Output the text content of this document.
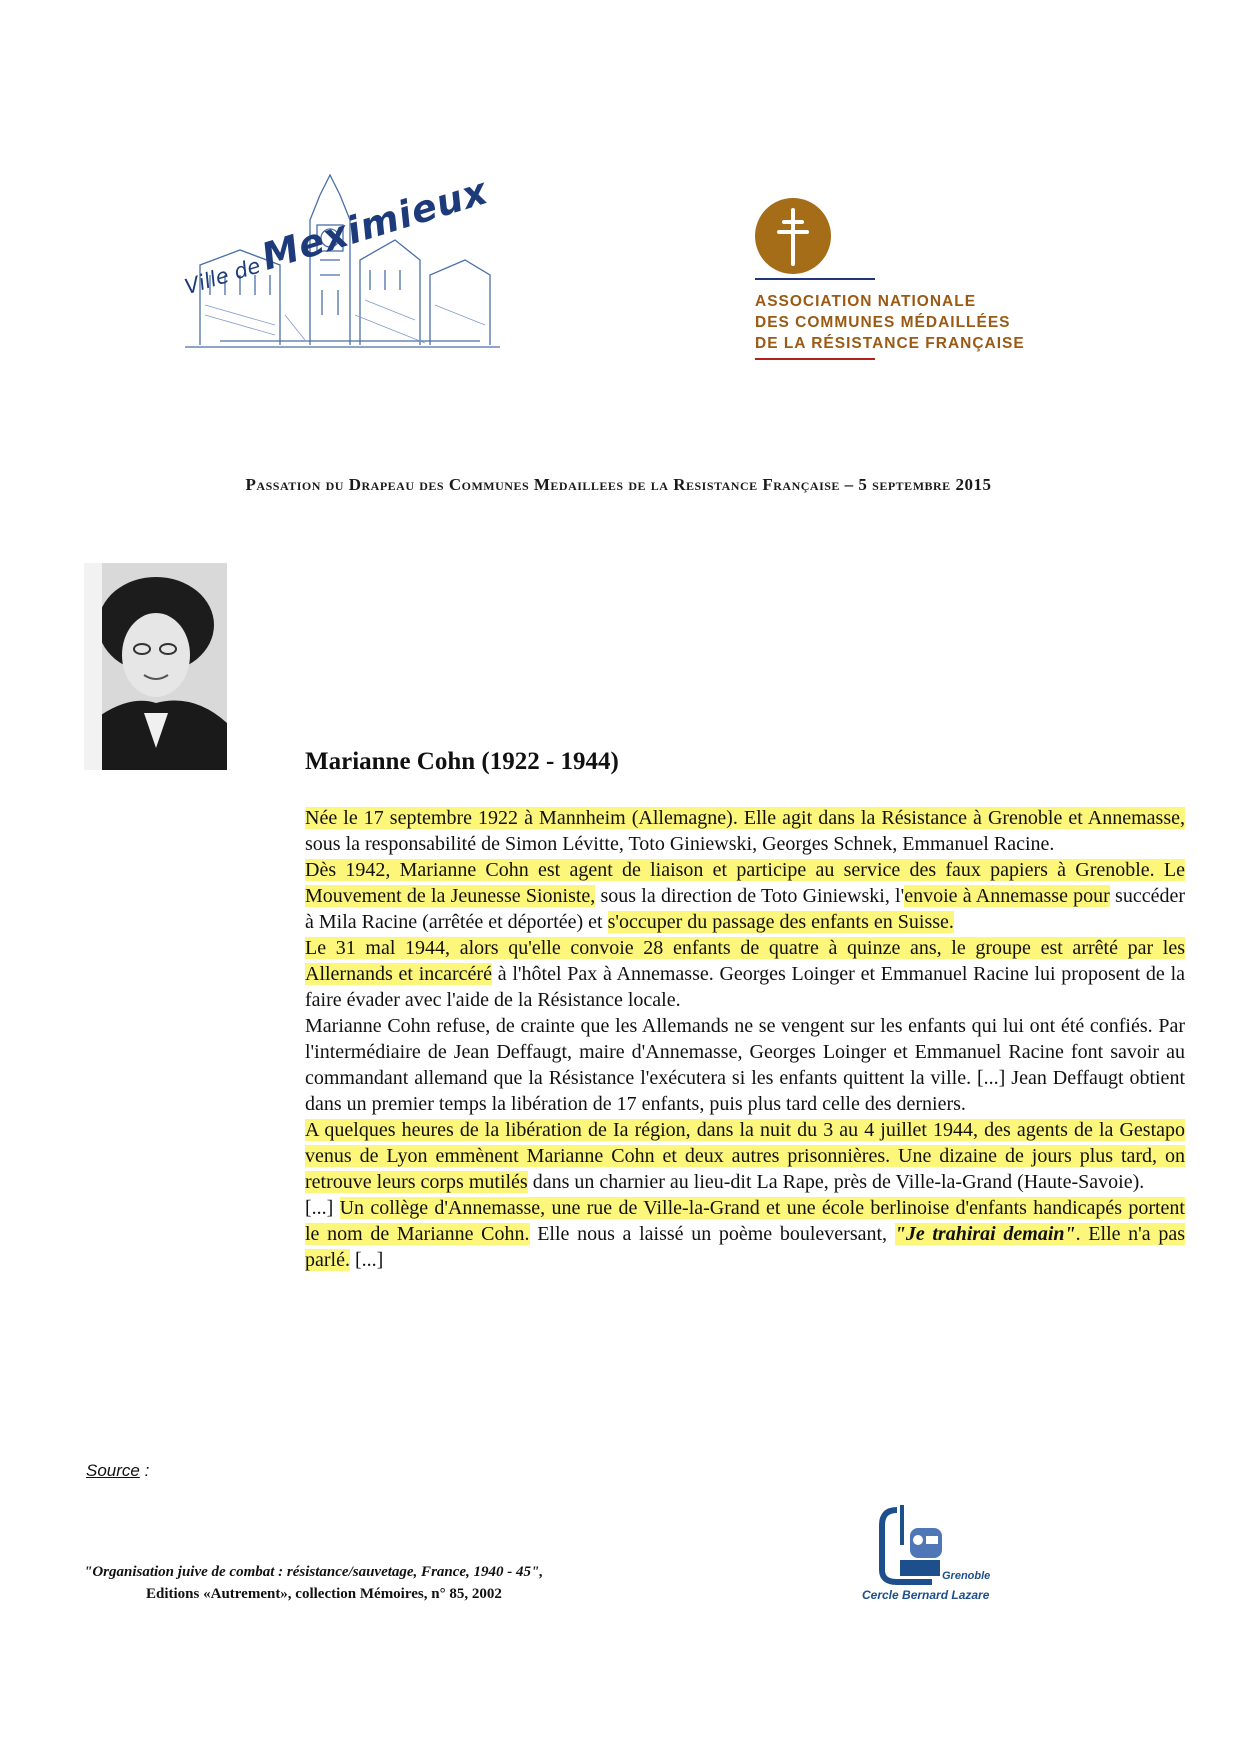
Ville de Meximieux
ASSOCIATION NATIONALE
DES COMMUNES MÉDAILLÉES
DE LA RÉSISTANCE FRANÇAISE
Passation du Drapeau des Communes Medaillees de la Resistance Française – 5 septembre 2015
Marianne Cohn (1922 - 1944)

Née le 17 septembre 1922 à Mannheim (Allemagne). Elle agit dans la Résistance à Grenoble et Annemasse, sous la responsabilité de Simon Lévitte, Toto Giniewski, Georges Schnek, Emmanuel Racine.

Dès 1942, Marianne Cohn est agent de liaison et participe au service des faux papiers à Grenoble. Le Mouvement de la Jeunesse Sioniste, sous la direction de Toto Giniewski, l'envoie à Annemasse pour succéder à Mila Racine (arrêtée et déportée) et s'occuper du passage des enfants en Suisse.

Le 31 mal 1944, alors qu'elle convoie 28 enfants de quatre à quinze ans, le groupe est arrêté par les Allernands et incarcéré à l'hôtel Pax à Annemasse. Georges Loinger et Emmanuel Racine lui proposent de la faire évader avec l'aide de la Résistance locale.

Marianne Cohn refuse, de crainte que les Allemands ne se vengent sur les enfants qui lui ont été confiés. Par l'intermédiaire de Jean Deffaugt, maire d'Annemasse, Georges Loinger et Emmanuel Racine font savoir au commandant allemand que la Résistance l'exécutera si les enfants quittent la ville. [...] Jean Deffaugt obtient dans un premier temps la libération de 17 enfants, puis plus tard celle des derniers.

A quelques heures de la libération de Ia région, dans la nuit du 3 au 4 juillet 1944, des agents de la Gestapo venus de Lyon emmènent Marianne Cohn et deux autres prisonnières. Une dizaine de jours plus tard, on retrouve leurs corps mutilés dans un charnier au lieu-dit La Rape, près de Ville-la-Grand (Haute-Savoie).

[...] Un collège d'Annemasse, une rue de Ville-la-Grand et une école berlinoise d'enfants handicapés portent le nom de Marianne Cohn. Elle nous a laissé un poème bouleversant, "Je trahirai demain". Elle n'a pas parlé. [...]

Source :
"Organisation juive de combat : résistance/sauvetage, France, 1940 - 45",
Editions «Autrement», collection Mémoires, n° 85, 2002
Grenoble
Cercle Bernard Lazare
